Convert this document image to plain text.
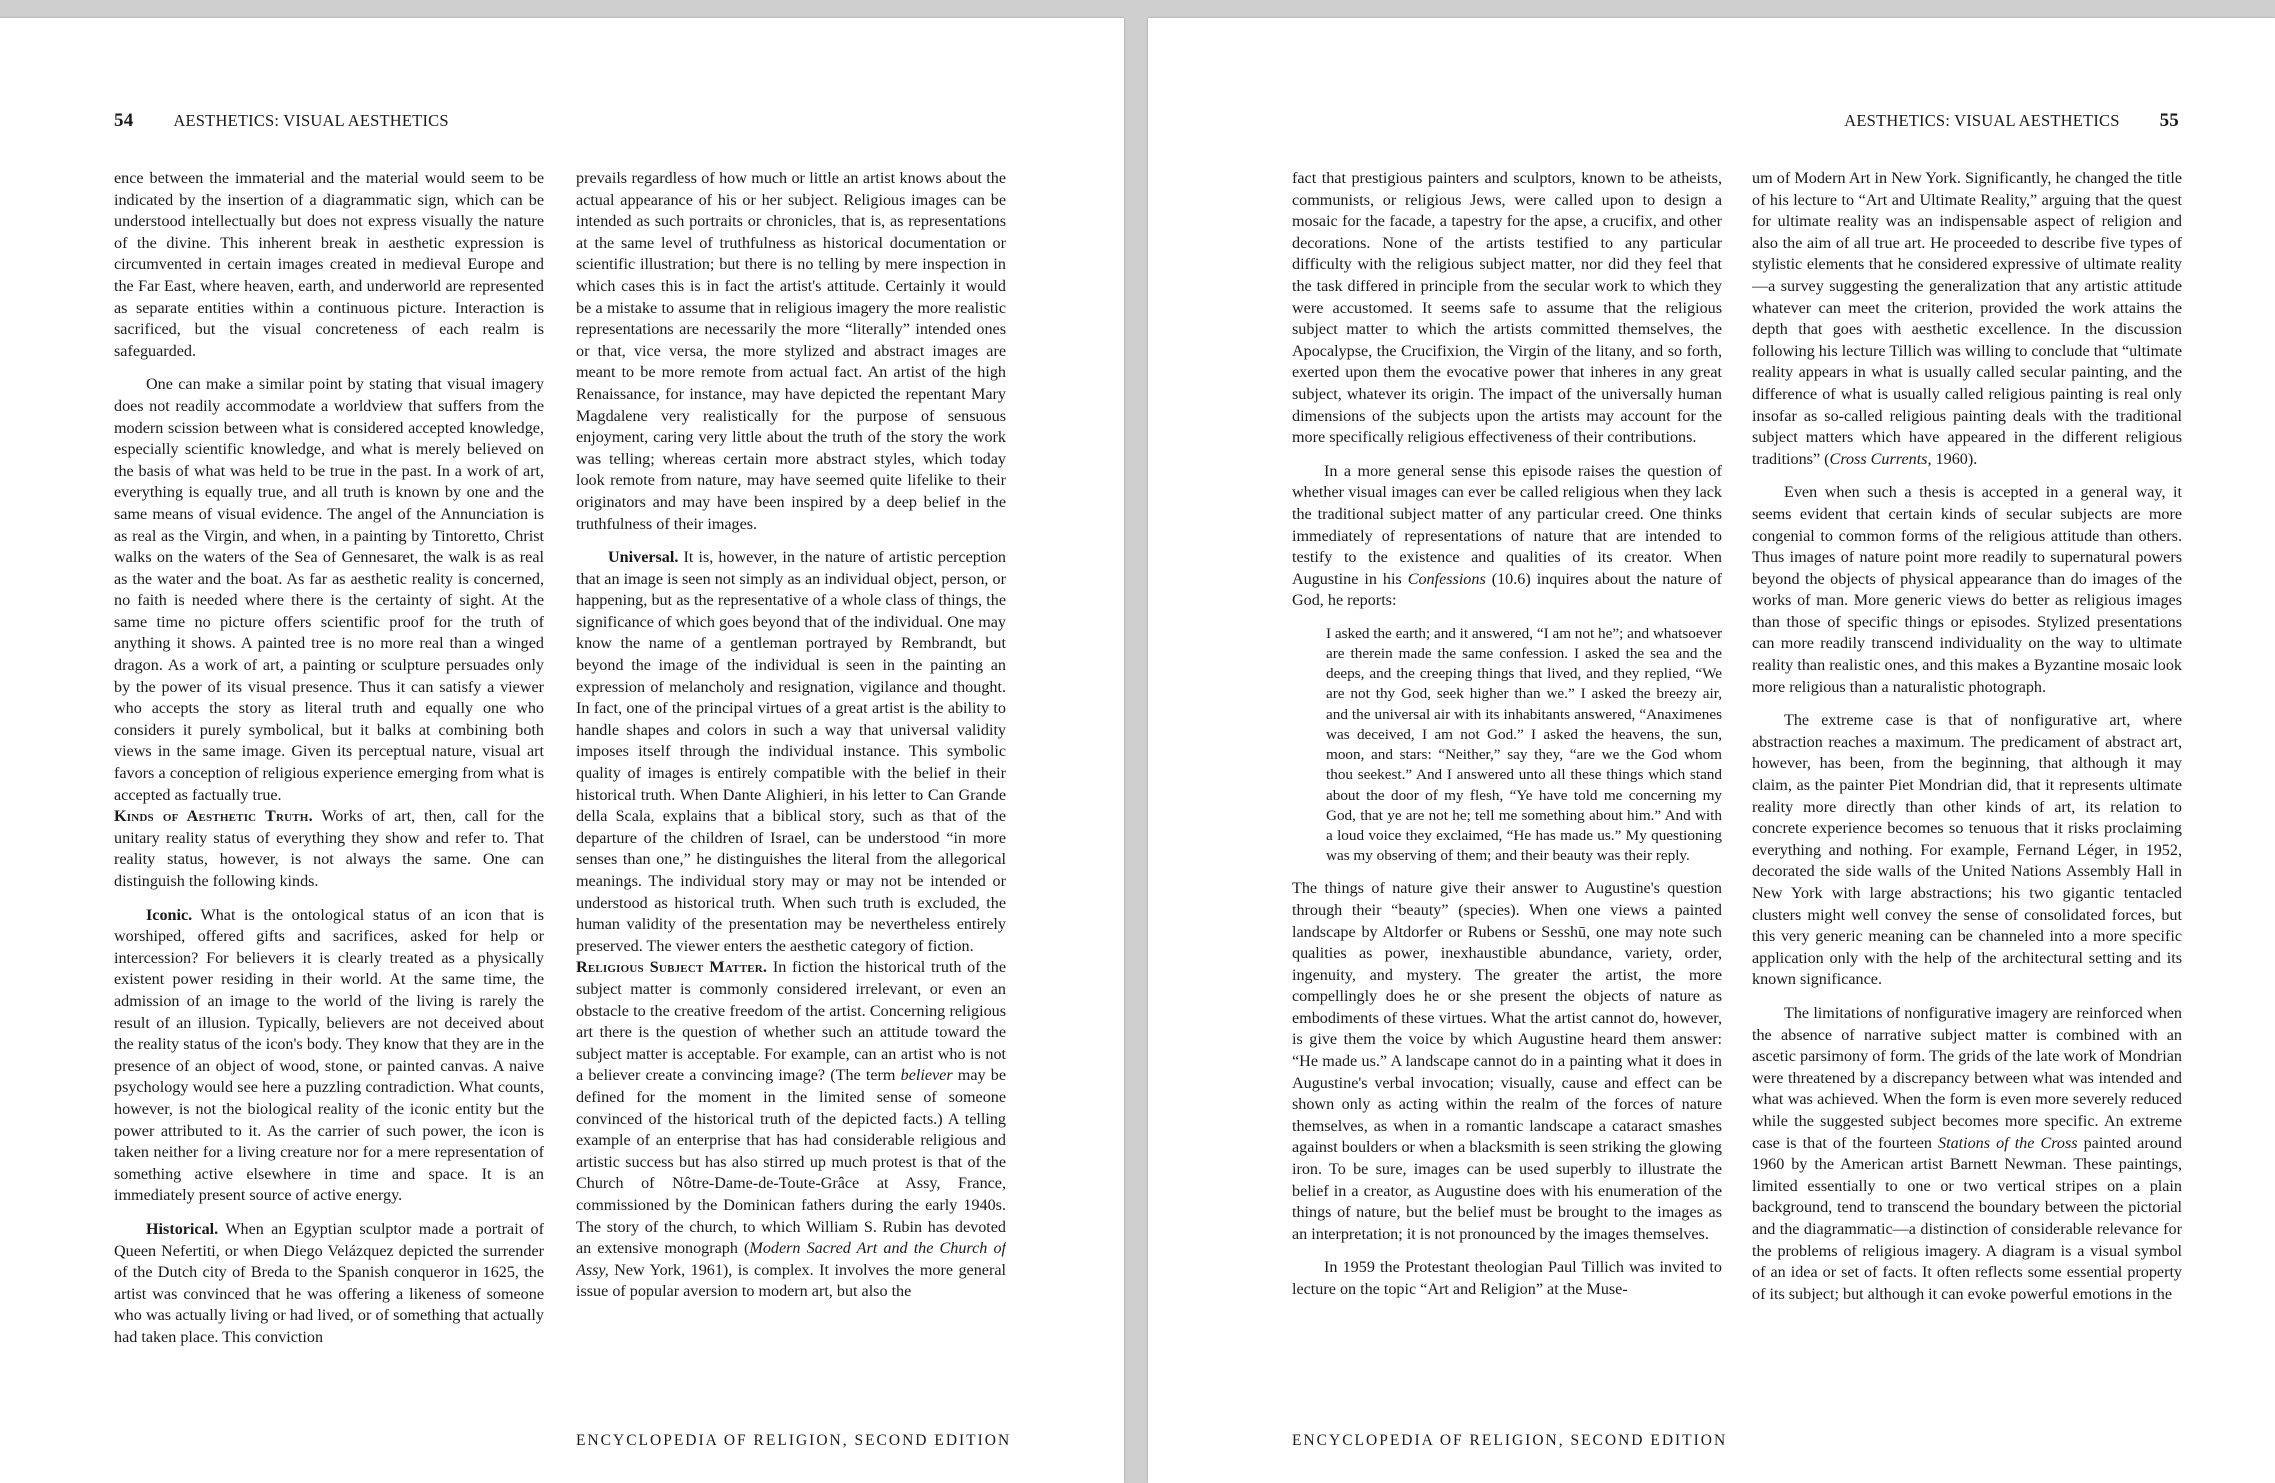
54 AESTHETICS: VISUAL AESTHETICS

ence between the immaterial and the material would seem to be indicated by the insertion of a diagrammatic sign, which can be understood intellectually but does not express visually the nature of the divine. This inherent break in aesthetic expression is circumvented in certain images created in medieval Europe and the Far East, where heaven, earth, and underworld are represented as separate entities within a continuous picture. Interaction is sacrificed, but the visual concreteness of each realm is safeguarded.

One can make a similar point by stating that visual imagery does not readily accommodate a worldview that suffers from the modern scission between what is considered accepted knowledge, especially scientific knowledge, and what is merely believed on the basis of what was held to be true in the past. In a work of art, everything is equally true, and all truth is known by one and the same means of visual evidence. The angel of the Annunciation is as real as the Virgin, and when, in a painting by Tintoretto, Christ walks on the waters of the Sea of Gennesaret, the walk is as real as the water and the boat. As far as aesthetic reality is concerned, no faith is needed where there is the certainty of sight. At the same time no picture offers scientific proof for the truth of anything it shows. A painted tree is no more real than a winged dragon. As a work of art, a painting or sculpture persuades only by the power of its visual presence. Thus it can satisfy a viewer who accepts the story as literal truth and equally one who considers it purely symbolical, but it balks at combining both views in the same image. Given its perceptual nature, visual art favors a conception of religious experience emerging from what is accepted as factually true.

Kinds of Aesthetic Truth. Works of art, then, call for the unitary reality status of everything they show and refer to. That reality status, however, is not always the same. One can distinguish the following kinds.

Iconic. What is the ontological status of an icon that is worshiped, offered gifts and sacrifices, asked for help or intercession? For believers it is clearly treated as a physically existent power residing in their world. At the same time, the admission of an image to the world of the living is rarely the result of an illusion. Typically, believers are not deceived about the reality status of the icon's body. They know that they are in the presence of an object of wood, stone, or painted canvas. A naive psychology would see here a puzzling contradiction. What counts, however, is not the biological reality of the iconic entity but the power attributed to it. As the carrier of such power, the icon is taken neither for a living creature nor for a mere representation of something active elsewhere in time and space. It is an immediately present source of active energy.

Historical. When an Egyptian sculptor made a portrait of Queen Nefertiti, or when Diego Velázquez depicted the surrender of the Dutch city of Breda to the Spanish conqueror in 1625, the artist was convinced that he was offering a likeness of someone who was actually living or had lived, or of something that actually had taken place. This conviction

prevails regardless of how much or little an artist knows about the actual appearance of his or her subject. Religious images can be intended as such portraits or chronicles, that is, as representations at the same level of truthfulness as historical documentation or scientific illustration; but there is no telling by mere inspection in which cases this is in fact the artist's attitude. Certainly it would be a mistake to assume that in religious imagery the more realistic representations are necessarily the more “literally” intended ones or that, vice versa, the more stylized and abstract images are meant to be more remote from actual fact. An artist of the high Renaissance, for instance, may have depicted the repentant Mary Magdalene very realistically for the purpose of sensuous enjoyment, caring very little about the truth of the story the work was telling; whereas certain more abstract styles, which today look remote from nature, may have seemed quite lifelike to their originators and may have been inspired by a deep belief in the truthfulness of their images.

Universal. It is, however, in the nature of artistic perception that an image is seen not simply as an individual object, person, or happening, but as the representative of a whole class of things, the significance of which goes beyond that of the individual. One may know the name of a gentleman portrayed by Rembrandt, but beyond the image of the individual is seen in the painting an expression of melancholy and resignation, vigilance and thought. In fact, one of the principal virtues of a great artist is the ability to handle shapes and colors in such a way that universal validity imposes itself through the individual instance. This symbolic quality of images is entirely compatible with the belief in their historical truth. When Dante Alighieri, in his letter to Can Grande della Scala, explains that a biblical story, such as that of the departure of the children of Israel, can be understood “in more senses than one,” he distinguishes the literal from the allegorical meanings. The individual story may or may not be intended or understood as historical truth. When such truth is excluded, the human validity of the presentation may be nevertheless entirely preserved. The viewer enters the aesthetic category of fiction.

Religious Subject Matter. In fiction the historical truth of the subject matter is commonly considered irrelevant, or even an obstacle to the creative freedom of the artist. Concerning religious art there is the question of whether such an attitude toward the subject matter is acceptable. For example, can an artist who is not a believer create a convincing image? (The term believer may be defined for the moment in the limited sense of someone convinced of the historical truth of the depicted facts.) A telling example of an enterprise that has had considerable religious and artistic success but has also stirred up much protest is that of the Church of Nôtre-Dame-de-Toute-Grâce at Assy, France, commissioned by the Dominican fathers during the early 1940s. The story of the church, to which William S. Rubin has devoted an extensive monograph (Modern Sacred Art and the Church of Assy, New York, 1961), is complex. It involves the more general issue of popular aversion to modern art, but also the

ENCYCLOPEDIA OF RELIGION, SECOND EDITION
AESTHETICS: VISUAL AESTHETICS 55

fact that prestigious painters and sculptors, known to be atheists, communists, or religious Jews, were called upon to design a mosaic for the facade, a tapestry for the apse, a crucifix, and other decorations. None of the artists testified to any particular difficulty with the religious subject matter, nor did they feel that the task differed in principle from the secular work to which they were accustomed. It seems safe to assume that the religious subject matter to which the artists committed themselves, the Apocalypse, the Crucifixion, the Virgin of the litany, and so forth, exerted upon them the evocative power that inheres in any great subject, whatever its origin. The impact of the universally human dimensions of the subjects upon the artists may account for the more specifically religious effectiveness of their contributions.

In a more general sense this episode raises the question of whether visual images can ever be called religious when they lack the traditional subject matter of any particular creed. One thinks immediately of representations of nature that are intended to testify to the existence and qualities of its creator. When Augustine in his Confessions (10.6) inquires about the nature of God, he reports:

I asked the earth; and it answered, “I am not he”; and whatsoever are therein made the same confession. I asked the sea and the deeps, and the creeping things that lived, and they replied, “We are not thy God, seek higher than we.” I asked the breezy air, and the universal air with its inhabitants answered, “Anaximenes was deceived, I am not God.” I asked the heavens, the sun, moon, and stars: “Neither,” say they, “are we the God whom thou seekest.” And I answered unto all these things which stand about the door of my flesh, “Ye have told me concerning my God, that ye are not he; tell me something about him.” And with a loud voice they exclaimed, “He has made us.” My questioning was my observing of them; and their beauty was their reply.

The things of nature give their answer to Augustine's question through their “beauty” (species). When one views a painted landscape by Altdorfer or Rubens or Sesshū, one may note such qualities as power, inexhaustible abundance, variety, order, ingenuity, and mystery. The greater the artist, the more compellingly does he or she present the objects of nature as embodiments of these virtues. What the artist cannot do, however, is give them the voice by which Augustine heard them answer: “He made us.” A landscape cannot do in a painting what it does in Augustine's verbal invocation; visually, cause and effect can be shown only as acting within the realm of the forces of nature themselves, as when in a romantic landscape a cataract smashes against boulders or when a blacksmith is seen striking the glowing iron. To be sure, images can be used superbly to illustrate the belief in a creator, as Augustine does with his enumeration of the things of nature, but the belief must be brought to the images as an interpretation; it is not pronounced by the images themselves.

In 1959 the Protestant theologian Paul Tillich was invited to lecture on the topic “Art and Religion” at the Muse-

um of Modern Art in New York. Significantly, he changed the title of his lecture to “Art and Ultimate Reality,” arguing that the quest for ultimate reality was an indispensable aspect of religion and also the aim of all true art. He proceeded to describe five types of stylistic elements that he considered expressive of ultimate reality—a survey suggesting the generalization that any artistic attitude whatever can meet the criterion, provided the work attains the depth that goes with aesthetic excellence. In the discussion following his lecture Tillich was willing to conclude that “ultimate reality appears in what is usually called secular painting, and the difference of what is usually called religious painting is real only insofar as so-called religious painting deals with the traditional subject matters which have appeared in the different religious traditions” (Cross Currents, 1960).

Even when such a thesis is accepted in a general way, it seems evident that certain kinds of secular subjects are more congenial to common forms of the religious attitude than others. Thus images of nature point more readily to supernatural powers beyond the objects of physical appearance than do images of the works of man. More generic views do better as religious images than those of specific things or episodes. Stylized presentations can more readily transcend individuality on the way to ultimate reality than realistic ones, and this makes a Byzantine mosaic look more religious than a naturalistic photograph.

The extreme case is that of nonfigurative art, where abstraction reaches a maximum. The predicament of abstract art, however, has been, from the beginning, that although it may claim, as the painter Piet Mondrian did, that it represents ultimate reality more directly than other kinds of art, its relation to concrete experience becomes so tenuous that it risks proclaiming everything and nothing. For example, Fernand Léger, in 1952, decorated the side walls of the United Nations Assembly Hall in New York with large abstractions; his two gigantic tentacled clusters might well convey the sense of consolidated forces, but this very generic meaning can be channeled into a more specific application only with the help of the architectural setting and its known significance.

The limitations of nonfigurative imagery are reinforced when the absence of narrative subject matter is combined with an ascetic parsimony of form. The grids of the late work of Mondrian were threatened by a discrepancy between what was intended and what was achieved. When the form is even more severely reduced while the suggested subject becomes more specific. An extreme case is that of the fourteen Stations of the Cross painted around 1960 by the American artist Barnett Newman. These paintings, limited essentially to one or two vertical stripes on a plain background, tend to transcend the boundary between the pictorial and the diagrammatic—a distinction of considerable relevance for the problems of religious imagery. A diagram is a visual symbol of an idea or set of facts. It often reflects some essential property of its subject; but although it can evoke powerful emotions in the

ENCYCLOPEDIA OF RELIGION, SECOND EDITION
